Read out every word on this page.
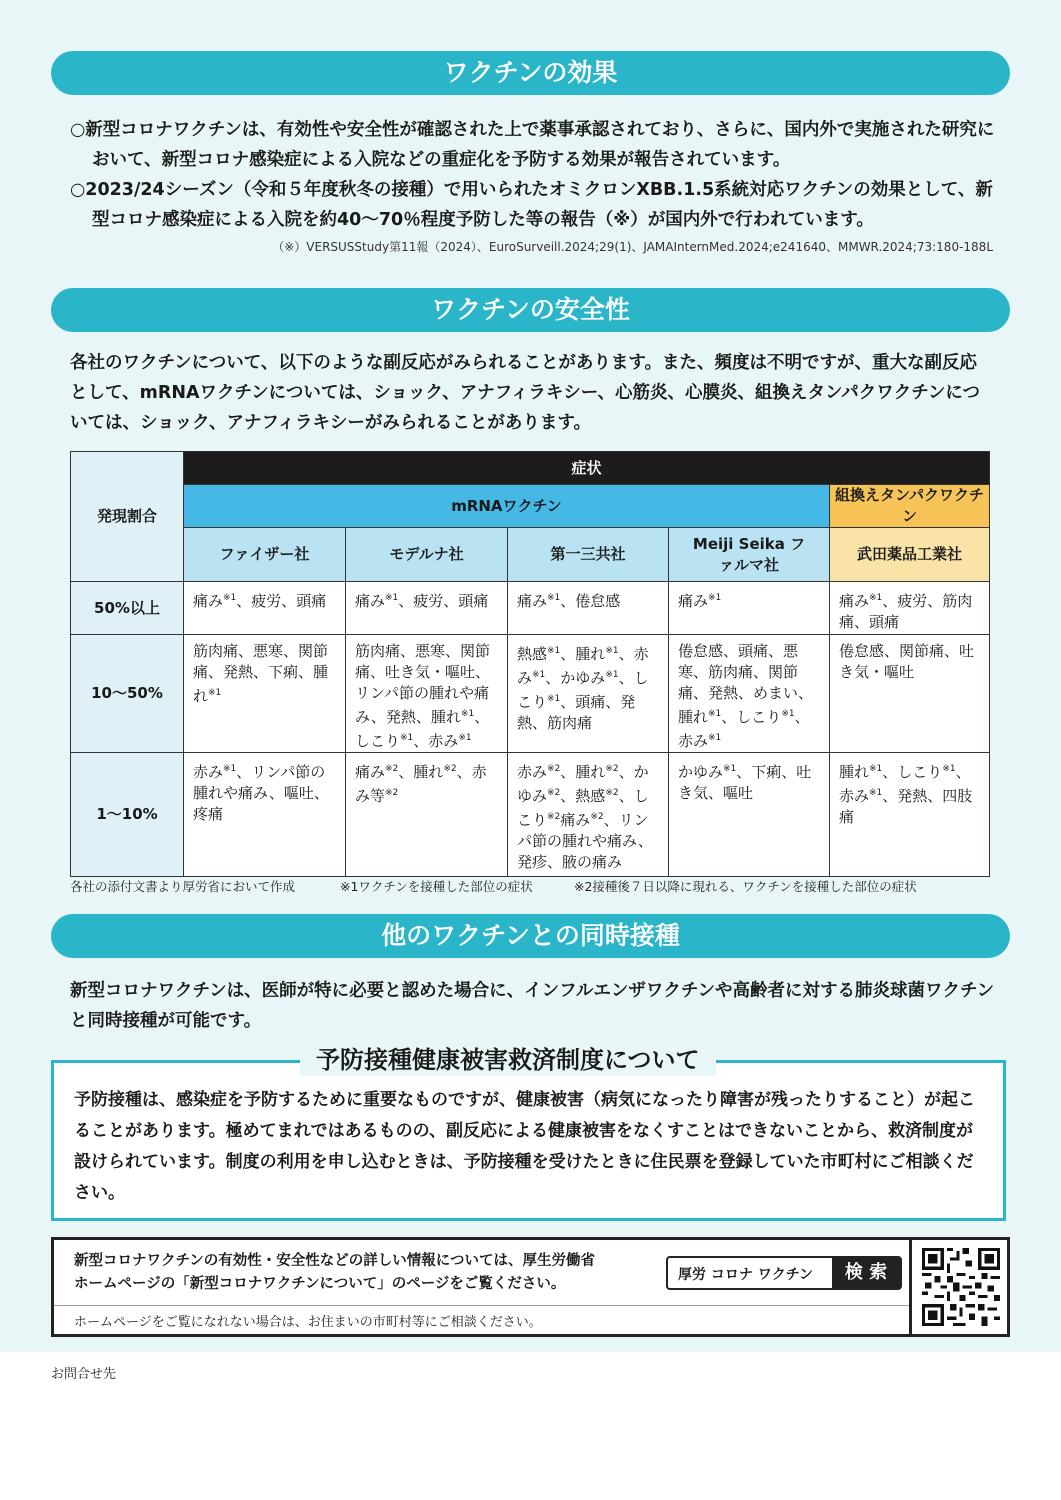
ワクチンの効果
○新型コロナワクチンは、有効性や安全性が確認された上で薬事承認されており、さらに、国内外で実施された研究において、新型コロナ感染症による入院などの重症化を予防する効果が報告されています。
○2023/24シーズン（令和５年度秋冬の接種）で用いられたオミクロンXBB.1.5系統対応ワクチンの効果として、新型コロナ感染症による入院を約40～70％程度予防した等の報告（※）が国内外で行われています。
（※）VERSUSStudy第11報（2024）、EuroSurveill.2024;29(1)、JAMAInternMed.2024;e241640、MMWR.2024;73:180-188L
ワクチンの安全性
各社のワクチンについて、以下のような副反応がみられることがあります。また、頻度は不明ですが、重大な副反応として、mRNAワクチンについては、ショック、アナフィラキシー、心筋炎、心膜炎、組換えタンパクワクチンについては、ショック、アナフィラキシーがみられることがあります。
発現割合	症状				
	mRNAワクチン				組換えタンパクワクチン
	ファイザー社	モデルナ社	第一三共社	Meiji Seika ファルマ社	武田薬品工業社
50%以上	痛み$^{※1}$、疲労、頭痛	痛み$^{※1}$、疲労、頭痛	痛み$^{※1}$、倦怠感	痛み$^{※1}$	痛み$^{※1}$、疲労、筋肉痛、頭痛
10～50%	筋肉痛、悪寒、関節痛、発熱、下痢、腫れ$^{※1}$	筋肉痛、悪寒、関節痛、吐き気・嘔吐、リンパ節の腫れや痛み、発熱、腫れ$^{※1}$、しこり$^{※1}$、赤み$^{※1}$	熱感$^{※1}$、腫れ$^{※1}$、赤み$^{※1}$、かゆみ$^{※1}$、しこり$^{※1}$、頭痛、発熱、筋肉痛	倦怠感、頭痛、悪寒、筋肉痛、関節痛、発熱、めまい、腫れ$^{※1}$、しこり$^{※1}$、赤み$^{※1}$	倦怠感、関節痛、吐き気・嘔吐
1～10%	赤み$^{※1}$、リンパ節の腫れや痛み、嘔吐、疼痛	痛み$^{※2}$、腫れ$^{※2}$、赤み等$^{※2}$	赤み$^{※2}$、腫れ$^{※2}$、かゆみ$^{※2}$、熱感$^{※2}$、しこり$^{※2}$痛み$^{※2}$、リンパ節の腫れや痛み、発疹、腋の痛み	かゆみ$^{※1}$、下痢、吐き気、嘔吐	腫れ$^{※1}$、しこり$^{※1}$、赤み$^{※1}$、発熱、四肢痛
各社の添付文書より厚労省において作成	※1ワクチンを接種した部位の症状	※2接種後７日以降に現れる、ワクチンを接種した部位の症状
他のワクチンとの同時接種
新型コロナワクチンは、医師が特に必要と認めた場合に、インフルエンザワクチンや高齢者に対する肺炎球菌ワクチンと同時接種が可能です。
予防接種健康被害救済制度について
予防接種は、感染症を予防するために重要なものですが、健康被害（病気になったり障害が残ったりすること）が起こることがあります。極めてまれではあるものの、副反応による健康被害をなくすことはできないことから、救済制度が設けられています。制度の利用を申し込むときは、予防接種を受けたときに住民票を登録していた市町村にご相談ください。
新型コロナワクチンの有効性・安全性などの詳しい情報については、厚生労働省
ホームページの「新型コロナワクチンについて」のページをご覧ください。
厚労 コロナ ワクチン	検 索
ホームページをご覧になれない場合は、お住まいの市町村等にご相談ください。
お問合せ先
